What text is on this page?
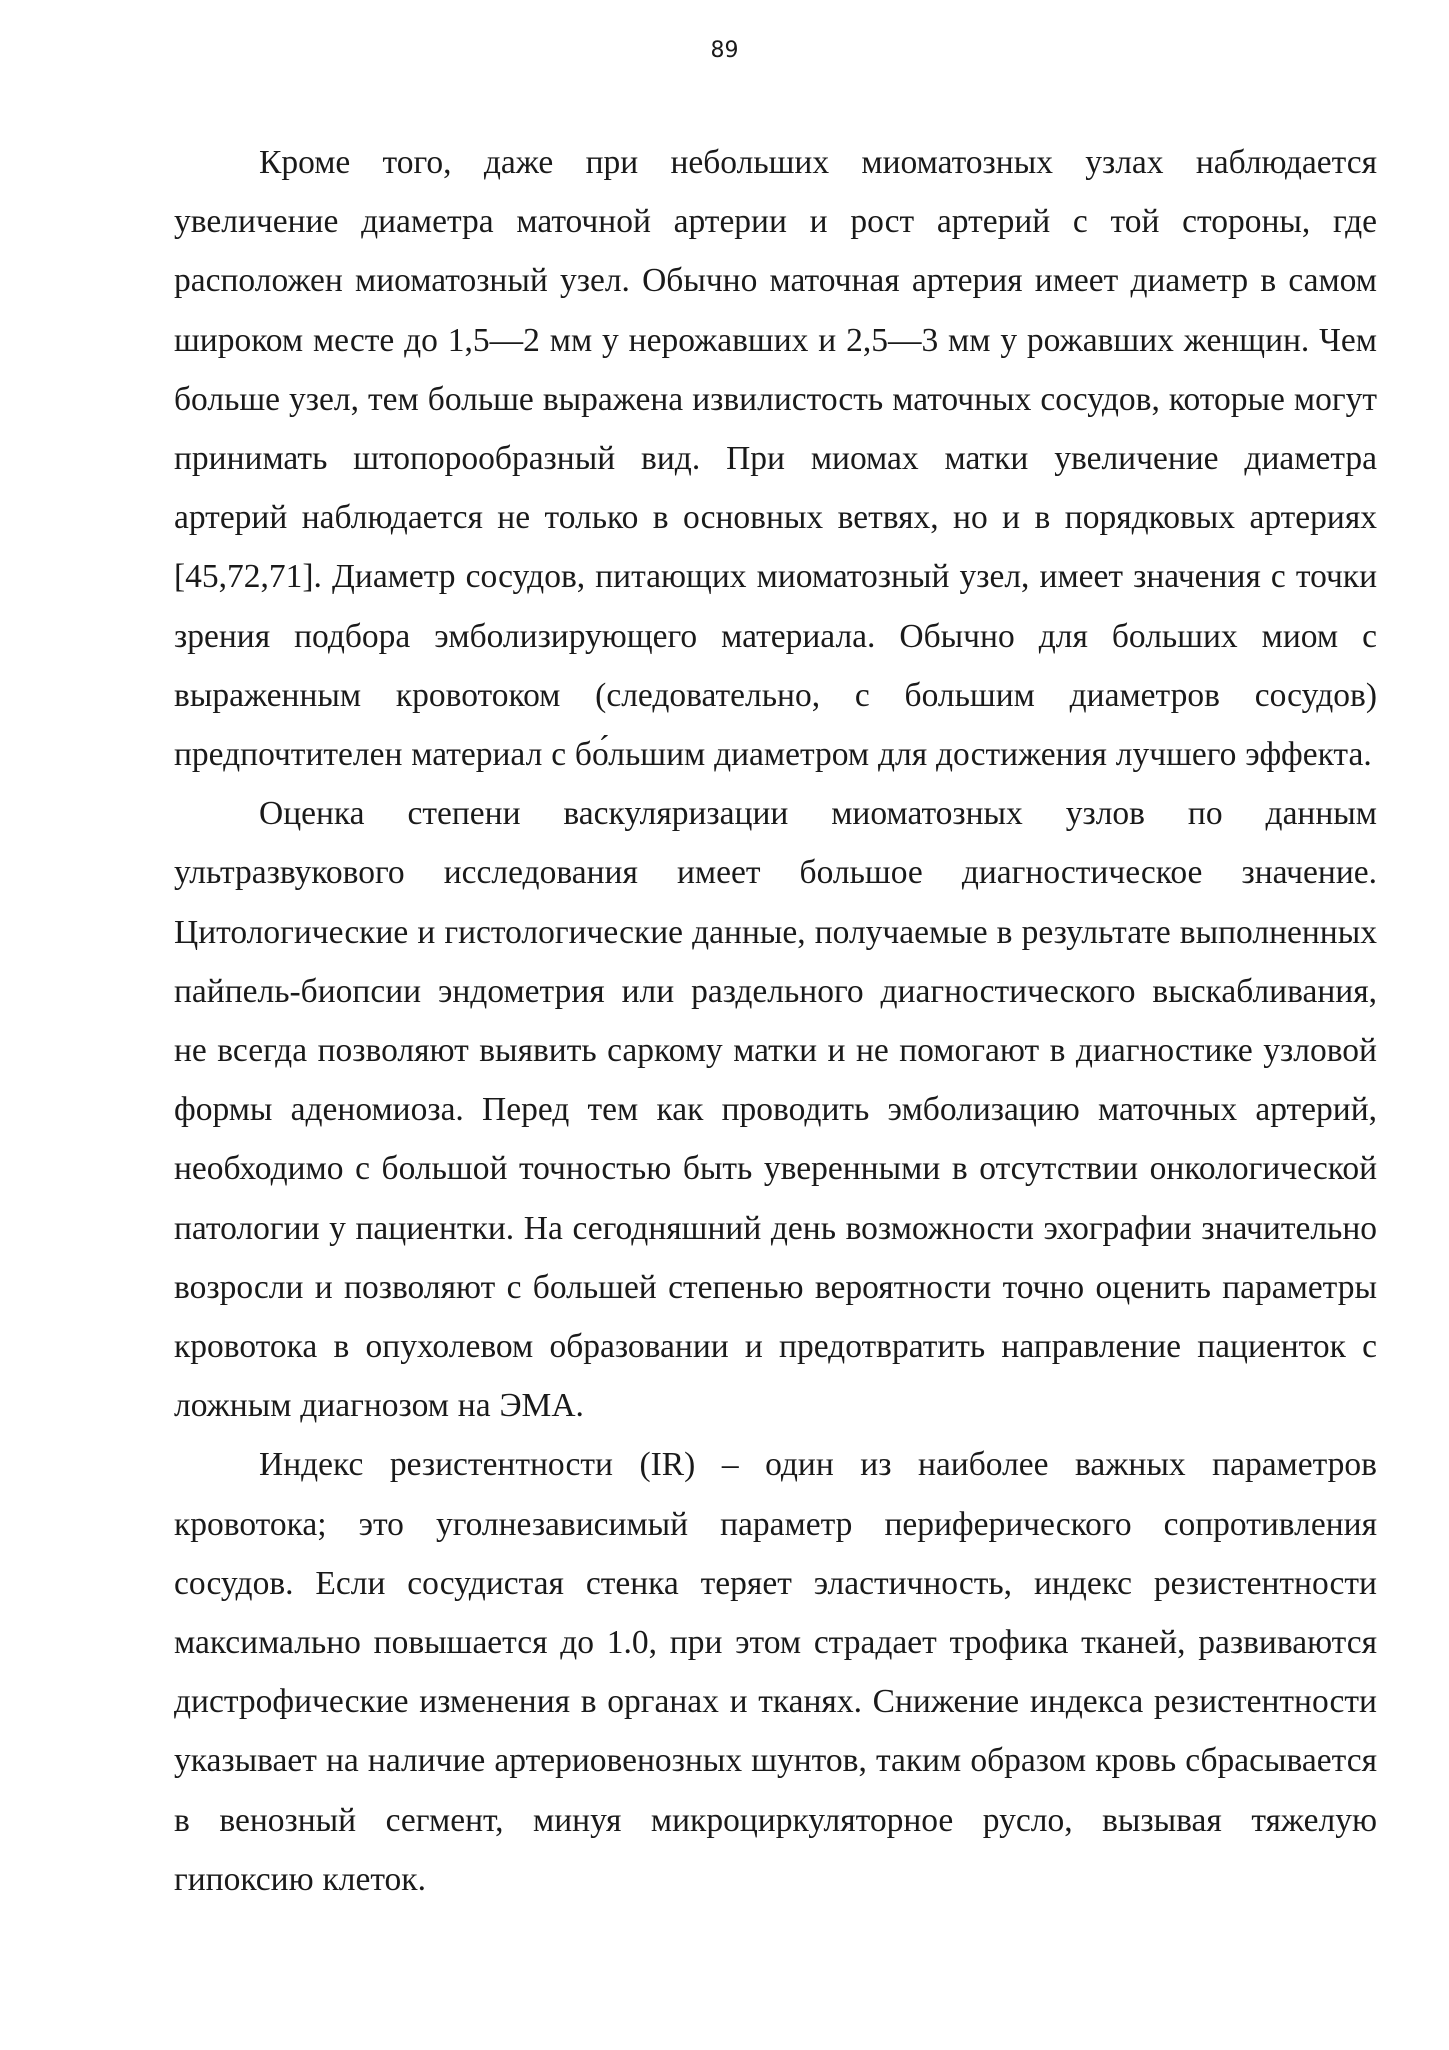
89

Кроме того, даже при небольших миоматозных узлах наблюдается увеличение диаметра маточной артерии и рост артерий с той стороны, где расположен миоматозный узел. Обычно маточная артерия имеет диаметр в самом широком месте до 1,5—2 мм у нерожавших и 2,5—3 мм у рожавших женщин. Чем больше узел, тем больше выражена извилистость маточных сосудов, которые могут принимать штопорообразный вид. При миомах матки увеличение диаметра артерий наблюдается не только в основных ветвях, но и в порядковых артериях [45,72,71]. Диаметр сосудов, питающих миоматозный узел, имеет значения с точки зрения подбора эмболизирующего материала. Обычно для больших миом с выраженным кровотоком (следовательно, с большим диаметров сосудов) предпочтителен материал с бо́льшим диаметром для достижения лучшего эффекта.

Оценка степени васкуляризации миоматозных узлов по данным ультразвукового исследования имеет большое диагностическое значение. Цитологические и гистологические данные, получаемые в результате выполненных пайпель-биопсии эндометрия или раздельного диагностического выскабливания, не всегда позволяют выявить саркому матки и не помогают в диагностике узловой формы аденомиоза. Перед тем как проводить эмболизацию маточных артерий, необходимо с большой точностью быть уверенными в отсутствии онкологической патологии у пациентки. На сегодняшний день возможности эхографии значительно возросли и позволяют с большей степенью вероятности точно оценить параметры кровотока в опухолевом образовании и предотвратить направление пациенток с ложным диагнозом на ЭМА.

Индекс резистентности (IR) – один из наиболее важных параметров кровотока; это уголнезависимый параметр периферического сопротивления сосудов. Если сосудистая стенка теряет эластичность, индекс резистентности максимально повышается до 1.0, при этом страдает трофика тканей, развиваются дистрофические изменения в органах и тканях. Снижение индекса резистентности указывает на наличие артериовенозных шунтов, таким образом кровь сбрасывается в венозный сегмент, минуя микроциркуляторное русло, вызывая тяжелую гипоксию клеток.
